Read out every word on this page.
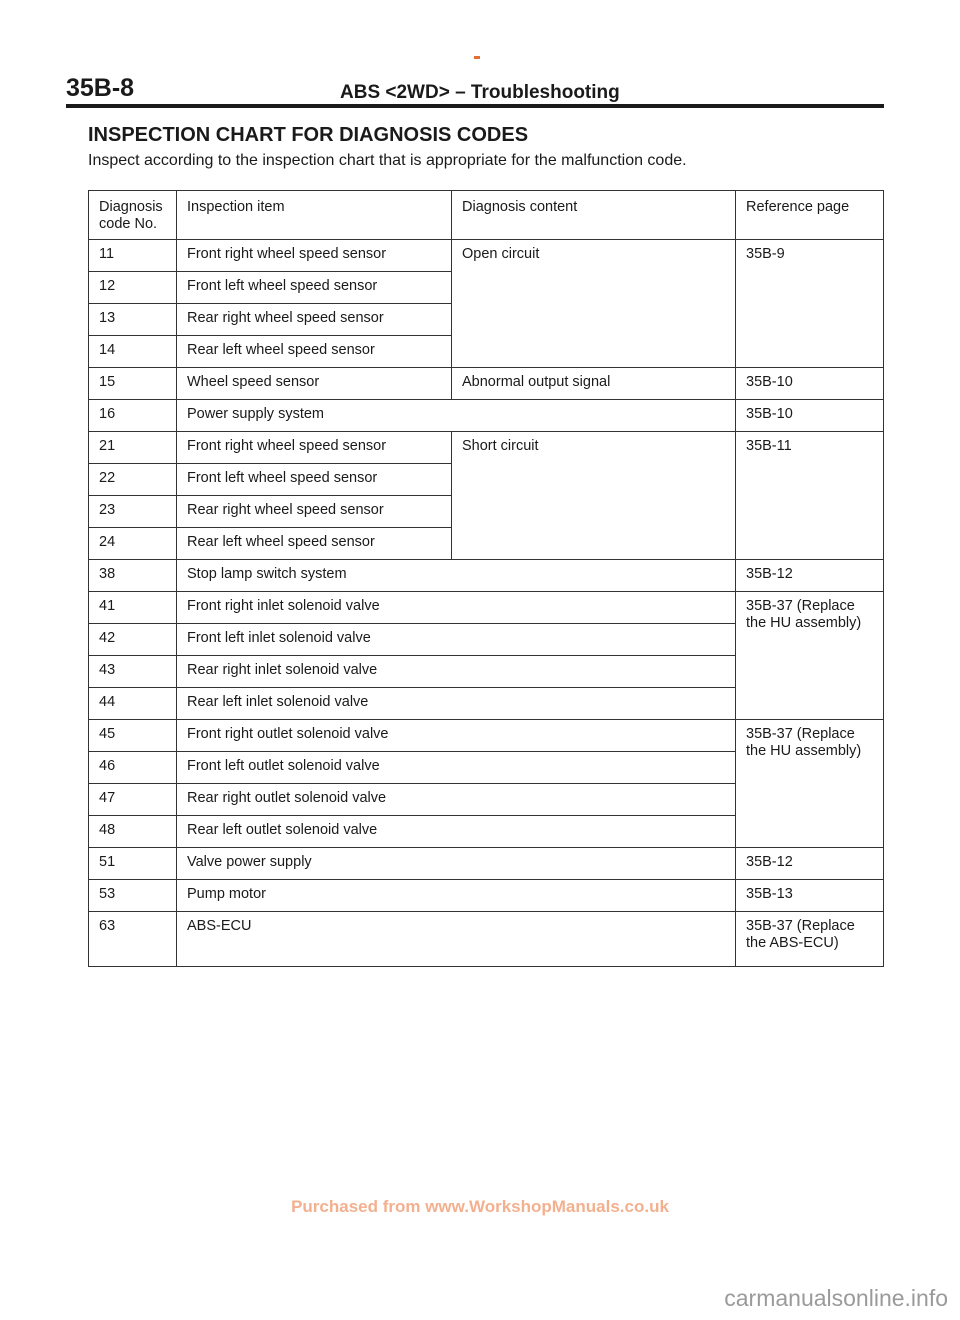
35B-8	ABS <2WD> – Troubleshooting
INSPECTION CHART FOR DIAGNOSIS CODES
Inspect according to the inspection chart that is appropriate for the malfunction code.
Diagnosis code No.	Inspection item	Diagnosis content	Reference page
11	Front right wheel speed sensor	Open circuit	35B-9
12	Front left wheel speed sensor		
13	Rear right wheel speed sensor		
14	Rear left wheel speed sensor		
15	Wheel speed sensor	Abnormal output signal	35B-10
16	Power supply system		35B-10
21	Front right wheel speed sensor	Short circuit	35B-11
22	Front left wheel speed sensor		
23	Rear right wheel speed sensor		
24	Rear left wheel speed sensor		
38	Stop lamp switch system		35B-12
41	Front right inlet solenoid valve		35B-37 (Replace the HU assembly)
42	Front left inlet solenoid valve		
43	Rear right inlet solenoid valve		
44	Rear left inlet solenoid valve		
45	Front right outlet solenoid valve		35B-37 (Replace the HU assembly)
46	Front left outlet solenoid valve		
47	Rear right outlet solenoid valve		
48	Rear left outlet solenoid valve		
51	Valve power supply		35B-12
53	Pump motor		35B-13
63	ABS-ECU		35B-37 (Replace the ABS-ECU)
Purchased from www.WorkshopManuals.co.uk
carmanualsonline.info
